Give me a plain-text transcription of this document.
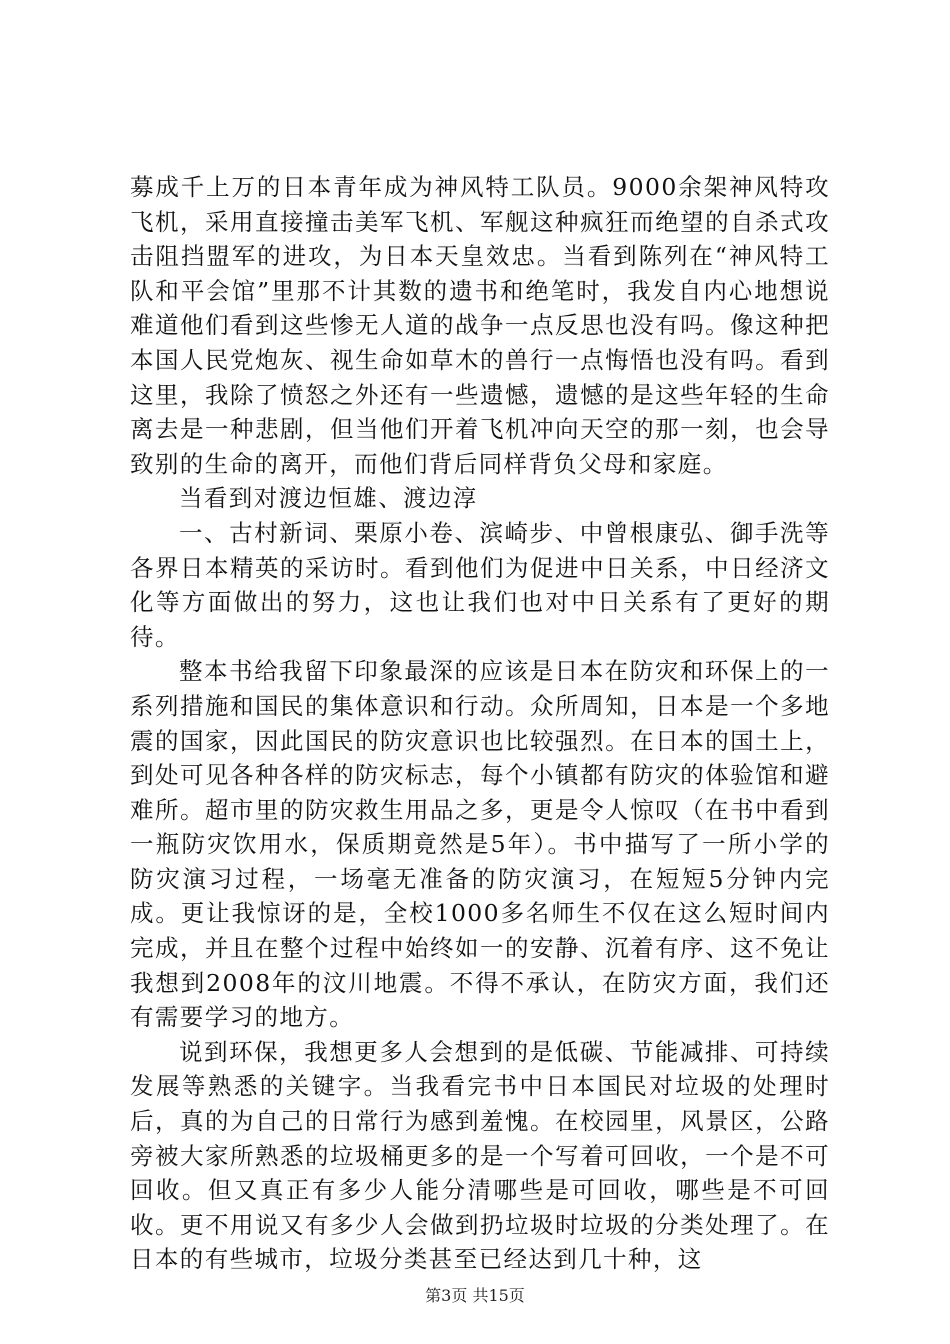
募成千上万的日本青年成为神风特工队员。9000余架神风特攻飞机，采用直接撞击美军飞机、军舰这种疯狂而绝望的自杀式攻击阻挡盟军的进攻，为日本天皇效忠。当看到陈列在“神风特工队和平会馆”里那不计其数的遗书和绝笔时，我发自内心地想说难道他们看到这些惨无人道的战争一点反思也没有吗。像这种把本国人民党炮灰、视生命如草木的兽行一点悔悟也没有吗。看到这里，我除了愤怒之外还有一些遗憾，遗憾的是这些年轻的生命离去是一种悲剧，但当他们开着飞机冲向天空的那一刻，也会导致别的生命的离开，而他们背后同样背负父母和家庭。

当看到对渡边恒雄、渡边淳

一、古村新词、栗原小卷、滨崎步、中曾根康弘、御手洗等各界日本精英的采访时。看到他们为促进中日关系，中日经济文化等方面做出的努力，这也让我们也对中日关系有了更好的期待。

整本书给我留下印象最深的应该是日本在防灾和环保上的一系列措施和国民的集体意识和行动。众所周知，日本是一个多地震的国家，因此国民的防灾意识也比较强烈。在日本的国土上，到处可见各种各样的防灾标志，每个小镇都有防灾的体验馆和避难所。超市里的防灾救生用品之多，更是令人惊叹（在书中看到一瓶防灾饮用水，保质期竟然是5年）。书中描写了一所小学的防灾演习过程，一场毫无准备的防灾演习，在短短5分钟内完成。更让我惊讶的是，全校1000多名师生不仅在这么短时间内完成，并且在整个过程中始终如一的安静、沉着有序、这不免让我想到2008年的汶川地震。不得不承认，在防灾方面，我们还有需要学习的地方。

说到环保，我想更多人会想到的是低碳、节能减排、可持续发展等熟悉的关键字。当我看完书中日本国民对垃圾的处理时后，真的为自己的日常行为感到羞愧。在校园里，风景区，公路旁被大家所熟悉的垃圾桶更多的是一个写着可回收，一个是不可回收。但又真正有多少人能分清哪些是可回收，哪些是不可回收。更不用说又有多少人会做到扔垃圾时垃圾的分类处理了。在日本的有些城市，垃圾分类甚至已经达到几十种，这

第3页 共15页
